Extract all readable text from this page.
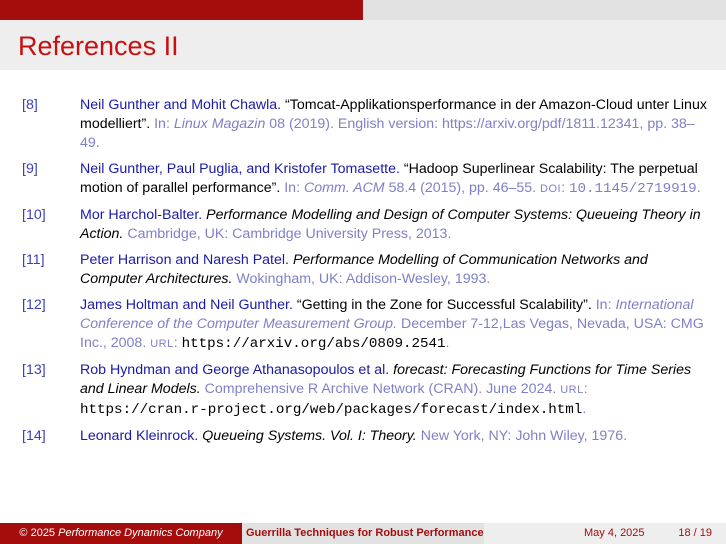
References II
[8]	Neil Gunther and Mohit Chawla. “Tomcat-Applikationsperformance in der Amazon-Cloud unter Linux modelliert”. In: Linux Magazin 08 (2019). English version: https://arxiv.org/pdf/1811.12341, pp. 38–49.
[9]	Neil Gunther, Paul Puglia, and Kristofer Tomasette. “Hadoop Superlinear Scalability: The perpetual motion of parallel performance”. In: Comm. ACM 58.4 (2015), pp. 46–55. DOI: 10.1145/2719919.
[10] Mor Harchol-Balter. Performance Modelling and Design of Computer Systems: Queueing Theory in Action. Cambridge, UK: Cambridge University Press, 2013.
[11] Peter Harrison and Naresh Patel. Performance Modelling of Communication Networks and Computer Architectures. Wokingham, UK: Addison-Wesley, 1993.
[12] James Holtman and Neil Gunther. “Getting in the Zone for Successful Scalability”. In: International Conference of the Computer Measurement Group. December 7-12,Las Vegas, Nevada, USA: CMG Inc., 2008. URL: https://arxiv.org/abs/0809.2541.
[13] Rob Hyndman and George Athanasopoulos et al. forecast: Forecasting Functions for Time Series and Linear Models. Comprehensive R Archive Network (CRAN). June 2024. URL: https://cran.r-project.org/web/packages/forecast/index.html.
[14] Leonard Kleinrock. Queueing Systems. Vol. I: Theory. New York, NY: John Wiley, 1976.
© 2025 Performance Dynamics Company	Guerrilla Techniques for Robust Performance	May 4, 2025	18 / 19
